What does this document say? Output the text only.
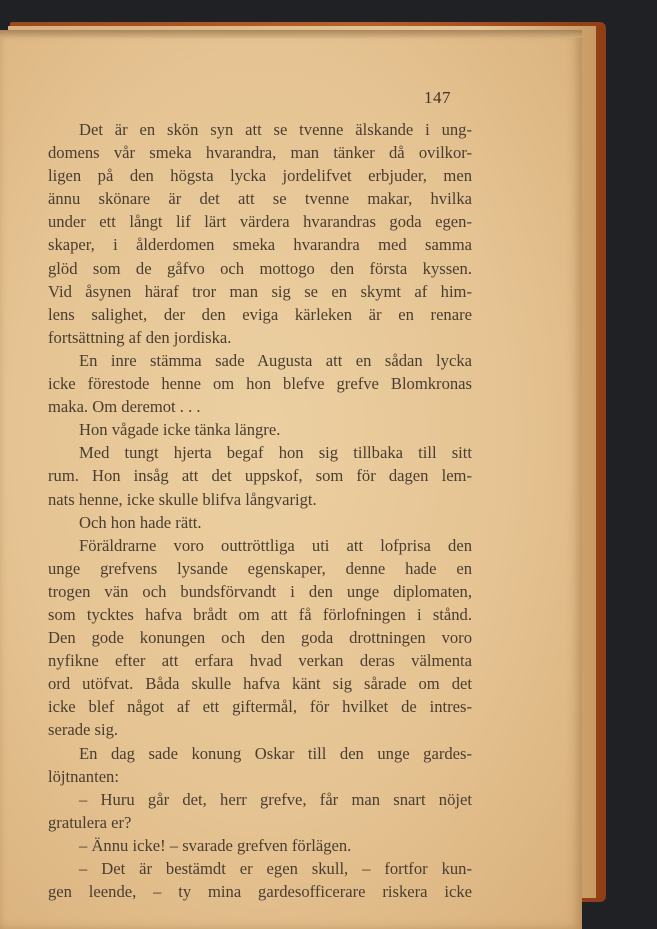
147
Det är en skön syn att se tvenne älskande i ung-
domens vår smeka hvarandra, man tänker då ovilkor-
ligen på den högsta lycka jordelifvet erbjuder, men
ännu skönare är det att se tvenne makar, hvilka
under ett långt lif lärt värdera hvarandras goda egen-
skaper, i ålderdomen smeka hvarandra med samma
glöd som de gåfvo och mottogo den första kyssen.
Vid åsynen häraf tror man sig se en skymt af him-
lens salighet, der den eviga kärleken är en renare
fortsättning af den jordiska.
En inre stämma sade Augusta att en sådan lycka
icke förestode henne om hon blefve grefve Blomkronas
maka. Om deremot . . .
Hon vågade icke tänka längre.
Med tungt hjerta begaf hon sig tillbaka till sitt
rum. Hon insåg att det uppskof, som för dagen lem-
nats henne, icke skulle blifva långvarigt.
Och hon hade rätt.
Föräldrarne voro outtröttliga uti att lofprisa den
unge grefvens lysande egenskaper, denne hade en
trogen vän och bundsförvandt i den unge diplomaten,
som tycktes hafva brådt om att få förlofningen i stånd.
Den gode konungen och den goda drottningen voro
nyfikne efter att erfara hvad verkan deras välmenta
ord utöfvat. Båda skulle hafva känt sig sårade om det
icke blef något af ett giftermål, för hvilket de intres-
serade sig.
En dag sade konung Oskar till den unge gardes-
löjtnanten:
– Huru går det, herr grefve, får man snart nöjet
gratulera er?
– Ännu icke! – svarade grefven förlägen.
– Det är bestämdt er egen skull, – fortfor kun-
gen leende, – ty mina gardesofficerare riskera icke
